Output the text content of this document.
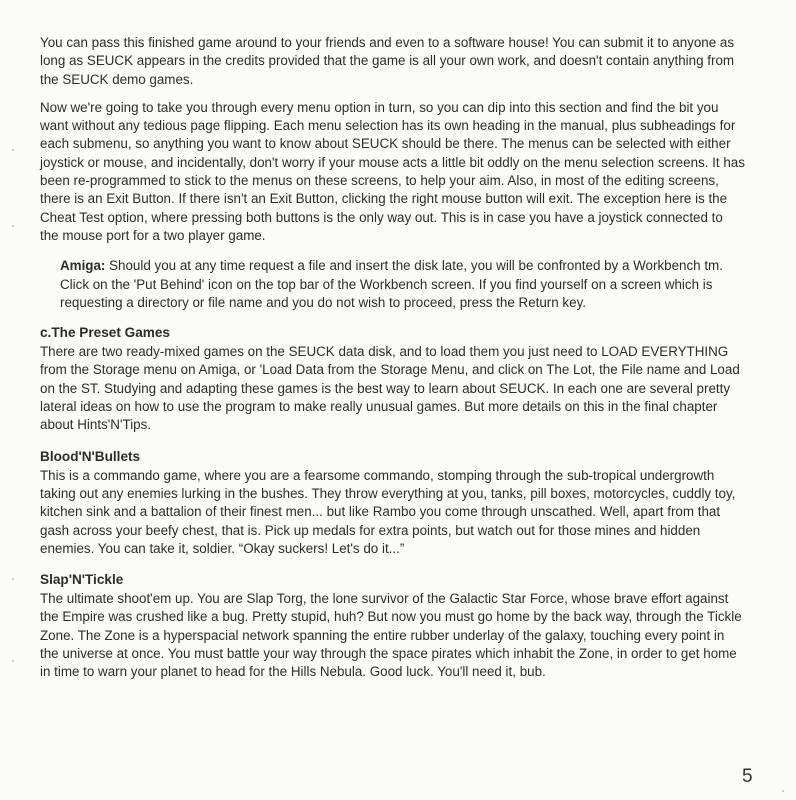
You can pass this finished game around to your friends and even to a software house! You can submit it to anyone as long as SEUCK appears in the credits provided that the game is all your own work, and doesn't contain anything from the SEUCK demo games.

Now we're going to take you through every menu option in turn, so you can dip into this section and find the bit you want without any tedious page flipping. Each menu selection has its own heading in the manual, plus subheadings for each submenu, so anything you want to know about SEUCK should be there. The menus can be selected with either joystick or mouse, and incidentally, don't worry if your mouse acts a little bit oddly on the menu selection screens. It has been re-programmed to stick to the menus on these screens, to help your aim. Also, in most of the editing screens, there is an Exit Button. If there isn't an Exit Button, clicking the right mouse button will exit. The exception here is the Cheat Test option, where pressing both buttons is the only way out. This is in case you have a joystick connected to the mouse port for a two player game.

Amiga: Should you at any time request a file and insert the disk late, you will be confronted by a Workbench tm. Click on the 'Put Behind' icon on the top bar of the Workbench screen. If you find yourself on a screen which is requesting a directory or file name and you do not wish to proceed, press the Return key.

c.The Preset Games

There are two ready-mixed games on the SEUCK data disk, and to load them you just need to LOAD EVERYTHING from the Storage menu on Amiga, or 'Load Data from the Storage Menu, and click on The Lot, the File name and Load on the ST. Studying and adapting these games is the best way to learn about SEUCK. In each one are several pretty lateral ideas on how to use the program to make really unusual games. But more details on this in the final chapter about Hints'N'Tips.

Blood'N'Bullets

This is a commando game, where you are a fearsome commando, stomping through the sub-tropical undergrowth taking out any enemies lurking in the bushes. They throw everything at you, tanks, pill boxes, motorcycles, cuddly toy, kitchen sink and a battalion of their finest men... but like Rambo you come through unscathed. Well, apart from that gash across your beefy chest, that is. Pick up medals for extra points, but watch out for those mines and hidden enemies. You can take it, soldier. “Okay suckers! Let's do it...”

Slap'N'Tickle

The ultimate shoot'em up. You are Slap Torg, the lone survivor of the Galactic Star Force, whose brave effort against the Empire was crushed like a bug. Pretty stupid, huh? But now you must go home by the back way, through the Tickle Zone. The Zone is a hyperspacial network spanning the entire rubber underlay of the galaxy, touching every point in the universe at once. You must battle your way through the space pirates which inhabit the Zone, in order to get home in time to warn your planet to head for the Hills Nebula. Good luck. You'll need it, bub.

5
